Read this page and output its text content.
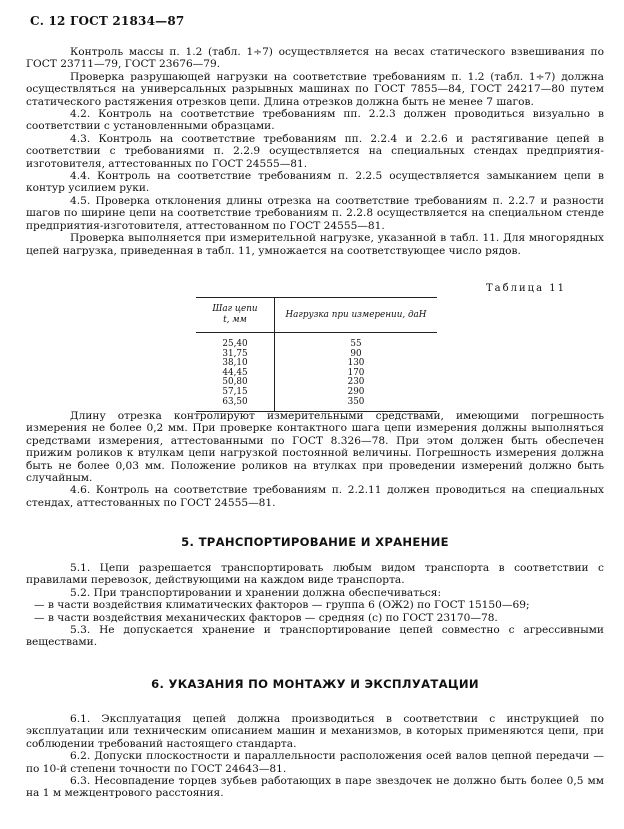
С. 12 ГОСТ 21834—87

Контроль массы п. 1.2 (табл. 1÷7) осуществляется на весах статического взвешивания по ГОСТ 23711—79, ГОСТ 23676—79.

Проверка разрушающей нагрузки на соответствие требованиям п. 1.2 (табл. 1÷7) должна осуществляться на универсальных разрывных машинах по ГОСТ 7855—84, ГОСТ 24217—80 путем статического растяжения отрезков цепи. Длина отрезков должна быть не менее 7 шагов.

4.2. Контроль на соответствие требованиям пп. 2.2.3 должен проводиться визуально в соответствии с установленными образцами.

4.3. Контроль на соответствие требованиям пп. 2.2.4 и 2.2.6 и растягивание цепей в соответствии с требованиями п. 2.2.9 осуществляется на специальных стендах предприятия-изготовителя, аттестованных по ГОСТ 24555—81.

4.4. Контроль на соответствие требованиям п. 2.2.5 осуществляется замыканием цепи в контур усилием руки.

4.5. Проверка отклонения длины отрезка на соответствие требованиям п. 2.2.7 и разности шагов по ширине цепи на соответствие требованиям п. 2.2.8 осуществляется на специальном стенде предприятия-изготовителя, аттестованном по ГОСТ 24555—81.

Проверка выполняется при измерительной нагрузке, указанной в табл. 11. Для многорядных цепей нагрузка, приведенная в табл. 11, умножается на соответствующее число рядов.

Таблица 11
Шаг цепи
t, мм	Нагрузка при измерении, даН
25,40	55
31,75	90
38,10	130
44,45	170
50,80	230
57,15	290
63,50	350

Длину отрезка контролируют измерительными средствами, имеющими погрешность измерения не более 0,2 мм. При проверке контактного шага цепи измерения должны выполняться средствами измерения, аттестованными по ГОСТ 8.326—78. При этом должен быть обеспечен прижим роликов к втулкам цепи нагрузкой постоянной величины. Погрешность измерения должна быть не более 0,03 мм. Положение роликов на втулках при проведении измерений должно быть случайным.

4.6. Контроль на соответствие требованиям п. 2.2.11 должен проводиться на специальных стендах, аттестованных по ГОСТ 24555—81.

5. ТРАНСПОРТИРОВАНИЕ И ХРАНЕНИЕ

5.1. Цепи разрешается транспортировать любым видом транспорта в соответствии с правилами перевозок, действующими на каждом виде транспорта.

5.2. При транспортировании и хранении должна обеспечиваться:

— в части воздействия климатических факторов — группа 6 (ОЖ2) по ГОСТ 15150—69;

— в части воздействия механических факторов — средняя (с) по ГОСТ 23170—78.

5.3. Не допускается хранение и транспортирование цепей совместно с агрессивными веществами.

6. УКАЗАНИЯ ПО МОНТАЖУ И ЭКСПЛУАТАЦИИ

6.1. Эксплуатация цепей должна производиться в соответствии с инструкцией по эксплуатации или техническим описанием машин и механизмов, в которых применяются цепи, при соблюдении требований настоящего стандарта.

6.2. Допуски плоскостности и параллельности расположения осей валов цепной передачи — по 10-й степени точности по ГОСТ 24643—81.

6.3. Несовпадение торцев зубьев работающих в паре звездочек не должно быть более 0,5 мм на 1 м межцентрового расстояния.
